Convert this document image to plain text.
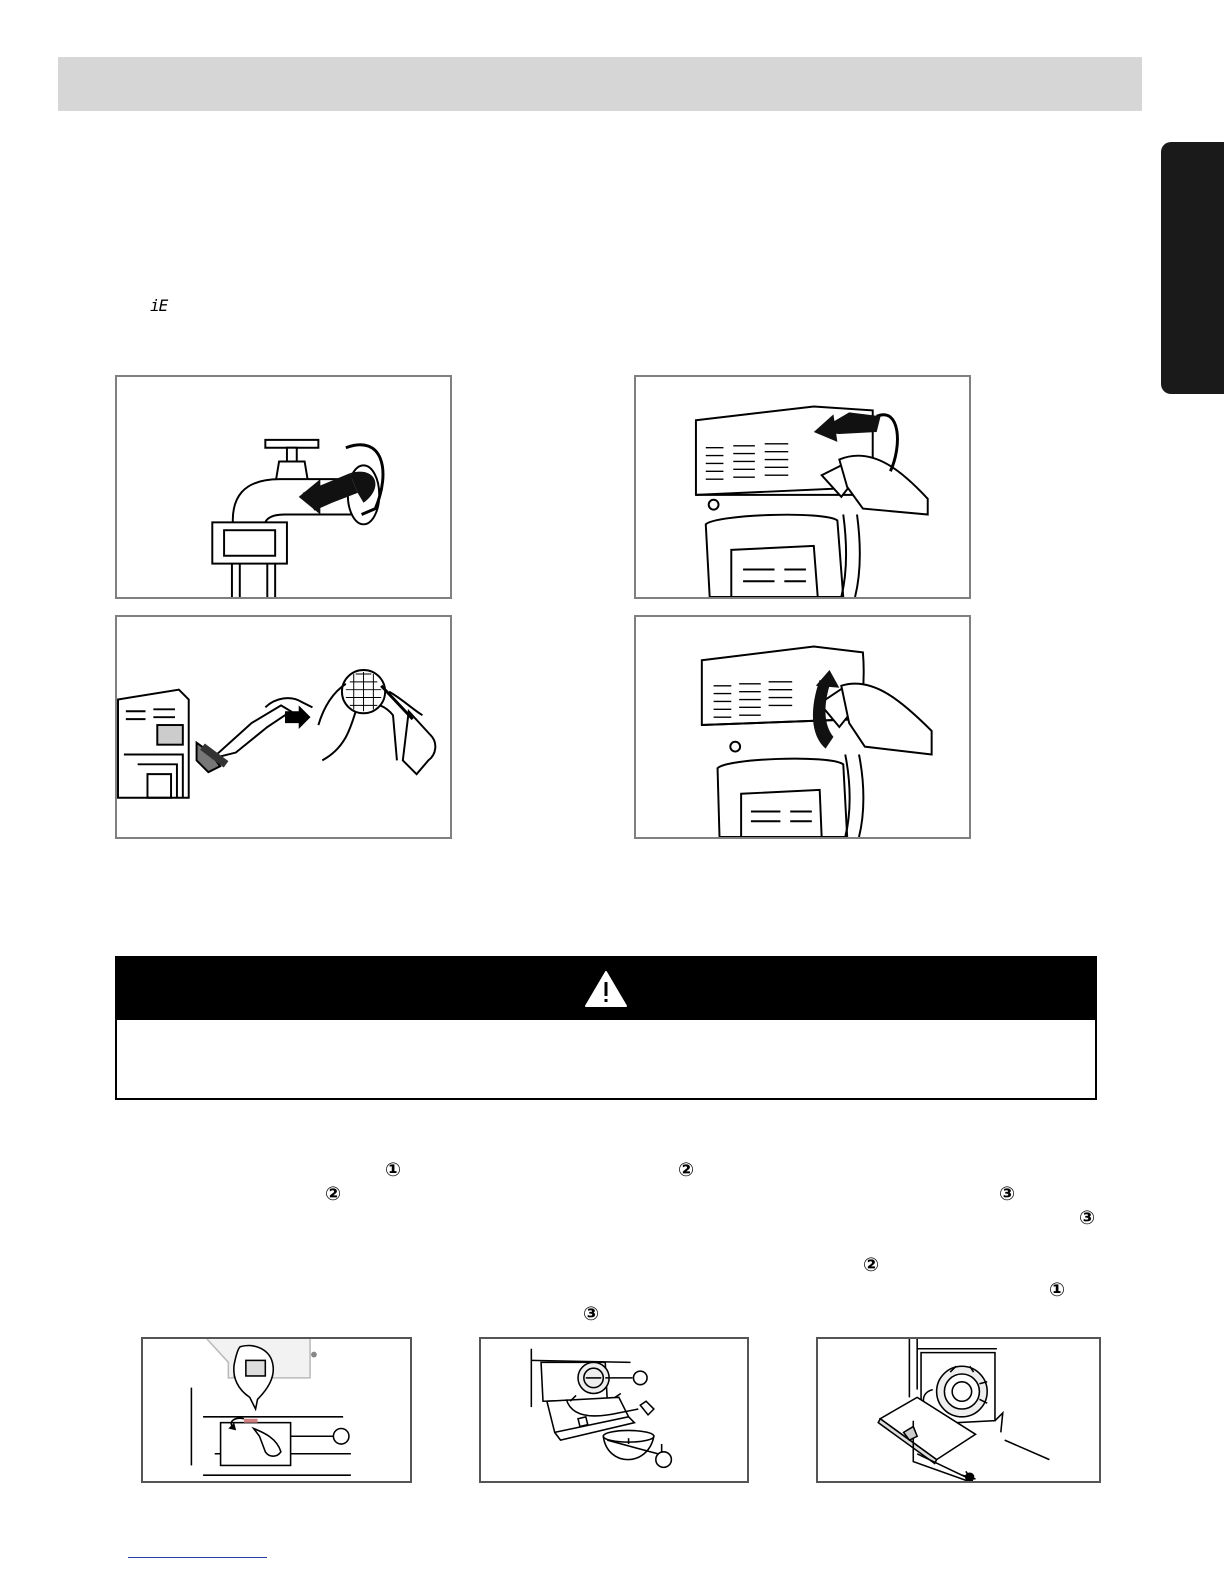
iE
①	②
②	③
③
②
①
③
